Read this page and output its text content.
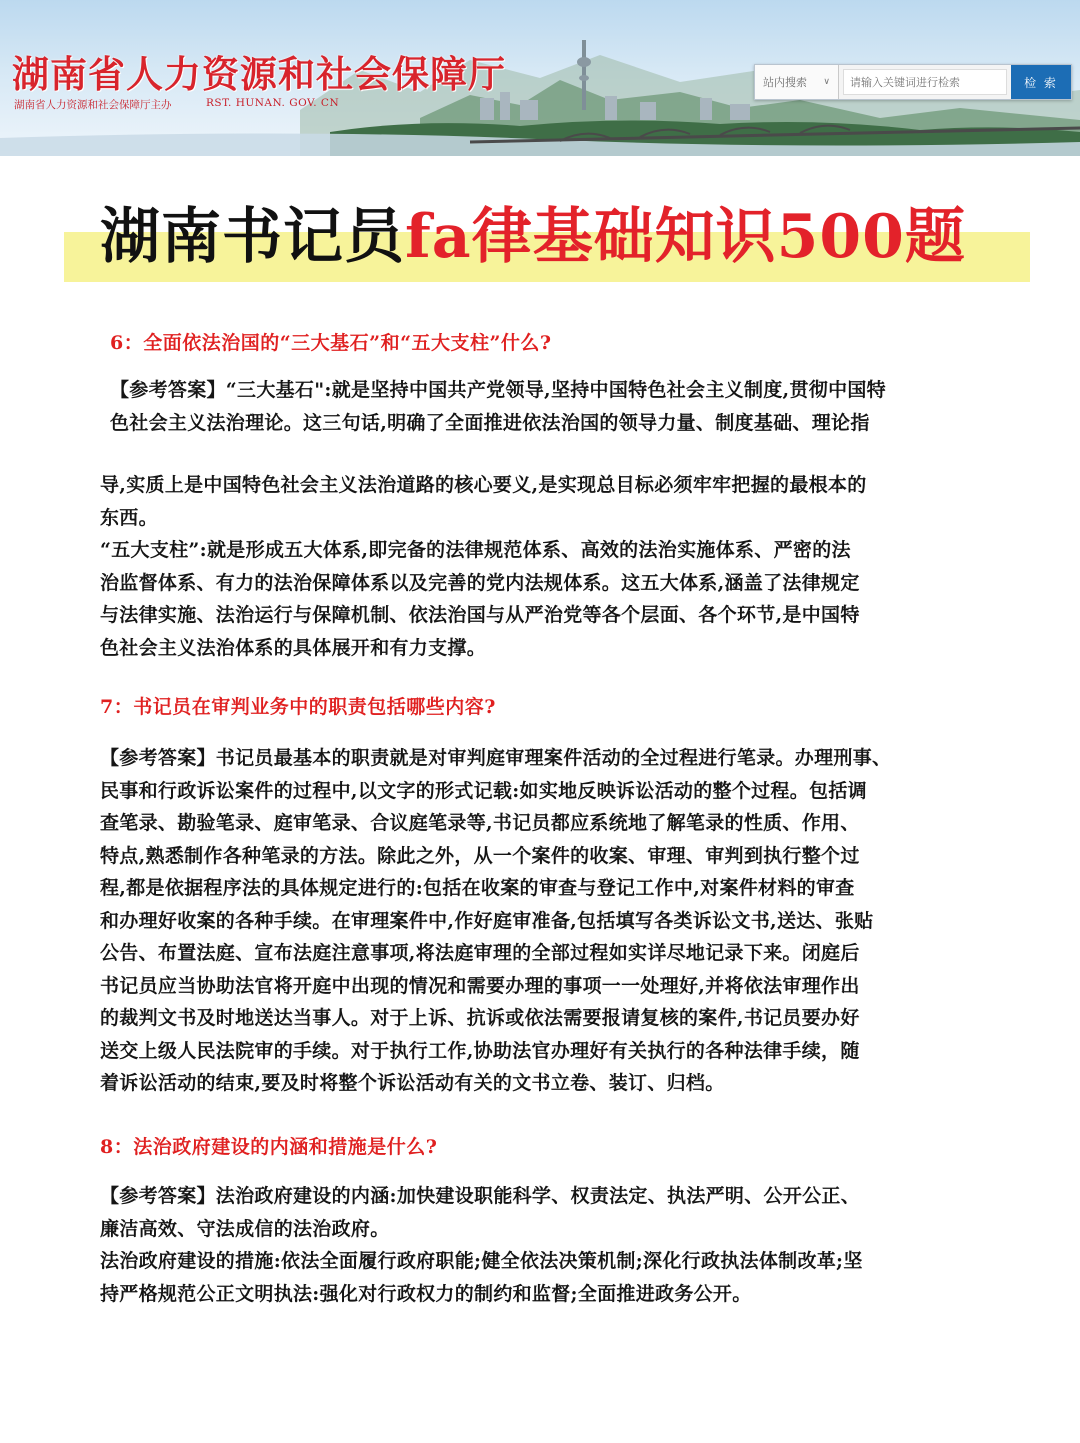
湖南省人力资源和社会保障厅
湖南省人力资源和社会保障厅主办	RST. HUNAN. GOV. CN
站内搜索 ∨
请输入关键词进行检索	检 索
湖南书记员fa律基础知识500题
6：全面依法治国的“三大基石”和“五大支柱”什么?
【参考答案】“三大基石":就是坚持中国共产党领导,坚持中国特色社会主义制度,贯彻中国特
色社会主义法治理论。这三句话,明确了全面推进依法治国的领导力量、制度基础、理论指
导,实质上是中国特色社会主义法治道路的核心要义,是实现总目标必须牢牢把握的最根本的
东西。
“五大支柱”:就是形成五大体系,即完备的法律规范体系、高效的法治实施体系、严密的法
治监督体系、有力的法治保障体系以及完善的党内法规体系。这五大体系,涵盖了法律规定
与法律实施、法治运行与保障机制、依法治国与从严治党等各个层面、各个环节,是中国特
色社会主义法治体系的具体展开和有力支撑。
7：书记员在审判业务中的职责包括哪些内容?
【参考答案】书记员最基本的职责就是对审判庭审理案件活动的全过程进行笔录。办理刑事、
民事和行政诉讼案件的过程中,以文字的形式记载:如实地反映诉讼活动的整个过程。包括调
查笔录、勘验笔录、庭审笔录、合议庭笔录等,书记员都应系统地了解笔录的性质、作用、
特点,熟悉制作各种笔录的方法。除此之外，从一个案件的收案、审理、审判到执行整个过
程,都是依据程序法的具体规定进行的:包括在收案的审查与登记工作中,对案件材料的审查
和办理好收案的各种手续。在审理案件中,作好庭审准备,包括填写各类诉讼文书,送达、张贴
公告、布置法庭、宣布法庭注意事项,将法庭审理的全部过程如实详尽地记录下来。闭庭后
书记员应当协助法官将开庭中出现的情况和需要办理的事项一一处理好,并将依法审理作出
的裁判文书及时地送达当事人。对于上诉、抗诉或依法需要报请复核的案件,书记员要办好
送交上级人民法院审的手续。对于执行工作,协助法官办理好有关执行的各种法律手续，随
着诉讼活动的结束,要及时将整个诉讼活动有关的文书立卷、装订、归档。
8：法治政府建设的内涵和措施是什么?
【参考答案】法治政府建设的内涵:加快建设职能科学、权责法定、执法严明、公开公正、
廉洁高效、守法成信的法治政府。
法治政府建设的措施:依法全面履行政府职能;健全依法决策机制;深化行政执法体制改革;坚
持严格规范公正文明执法:强化对行政权力的制约和监督;全面推进政务公开。
